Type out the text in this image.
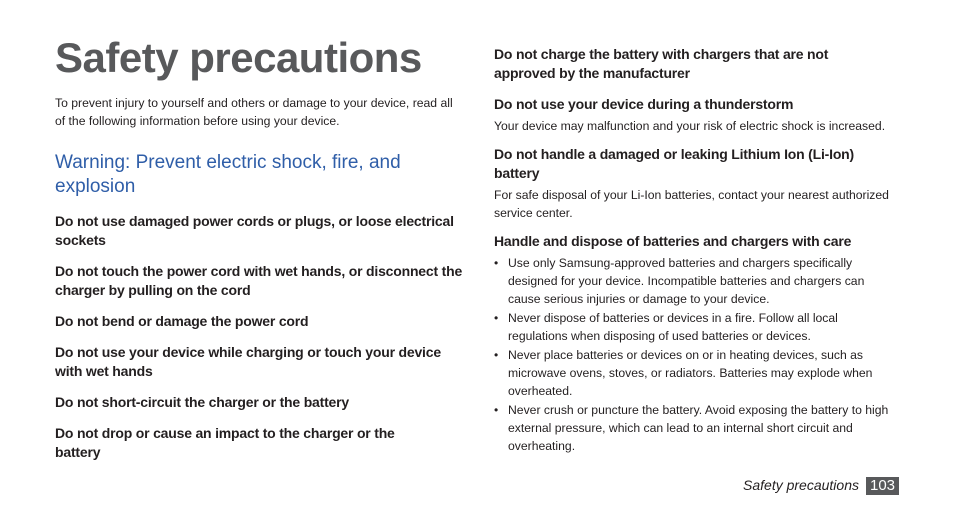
Safety precautions

To prevent injury to yourself and others or damage to your device, read all of the following information before using your device.

Warning: Prevent electric shock, fire, and explosion

Do not use damaged power cords or plugs, or loose electrical sockets

Do not touch the power cord with wet hands, or disconnect the charger by pulling on the cord

Do not bend or damage the power cord

Do not use your device while charging or touch your device with wet hands

Do not short-circuit the charger or the battery

Do not drop or cause an impact to the charger or the battery

Do not charge the battery with chargers that are not approved by the manufacturer

Do not use your device during a thunderstorm

Your device may malfunction and your risk of electric shock is increased.

Do not handle a damaged or leaking Lithium Ion (Li-Ion) battery

For safe disposal of your Li-Ion batteries, contact your nearest authorized service center.

Handle and dispose of batteries and chargers with care

• Use only Samsung-approved batteries and chargers specifically designed for your device. Incompatible batteries and chargers can cause serious injuries or damage to your device.
• Never dispose of batteries or devices in a fire. Follow all local regulations when disposing of used batteries or devices.
• Never place batteries or devices on or in heating devices, such as microwave ovens, stoves, or radiators. Batteries may explode when overheated.
• Never crush or puncture the battery. Avoid exposing the battery to high external pressure, which can lead to an internal short circuit and overheating.
Safety precautions 103
